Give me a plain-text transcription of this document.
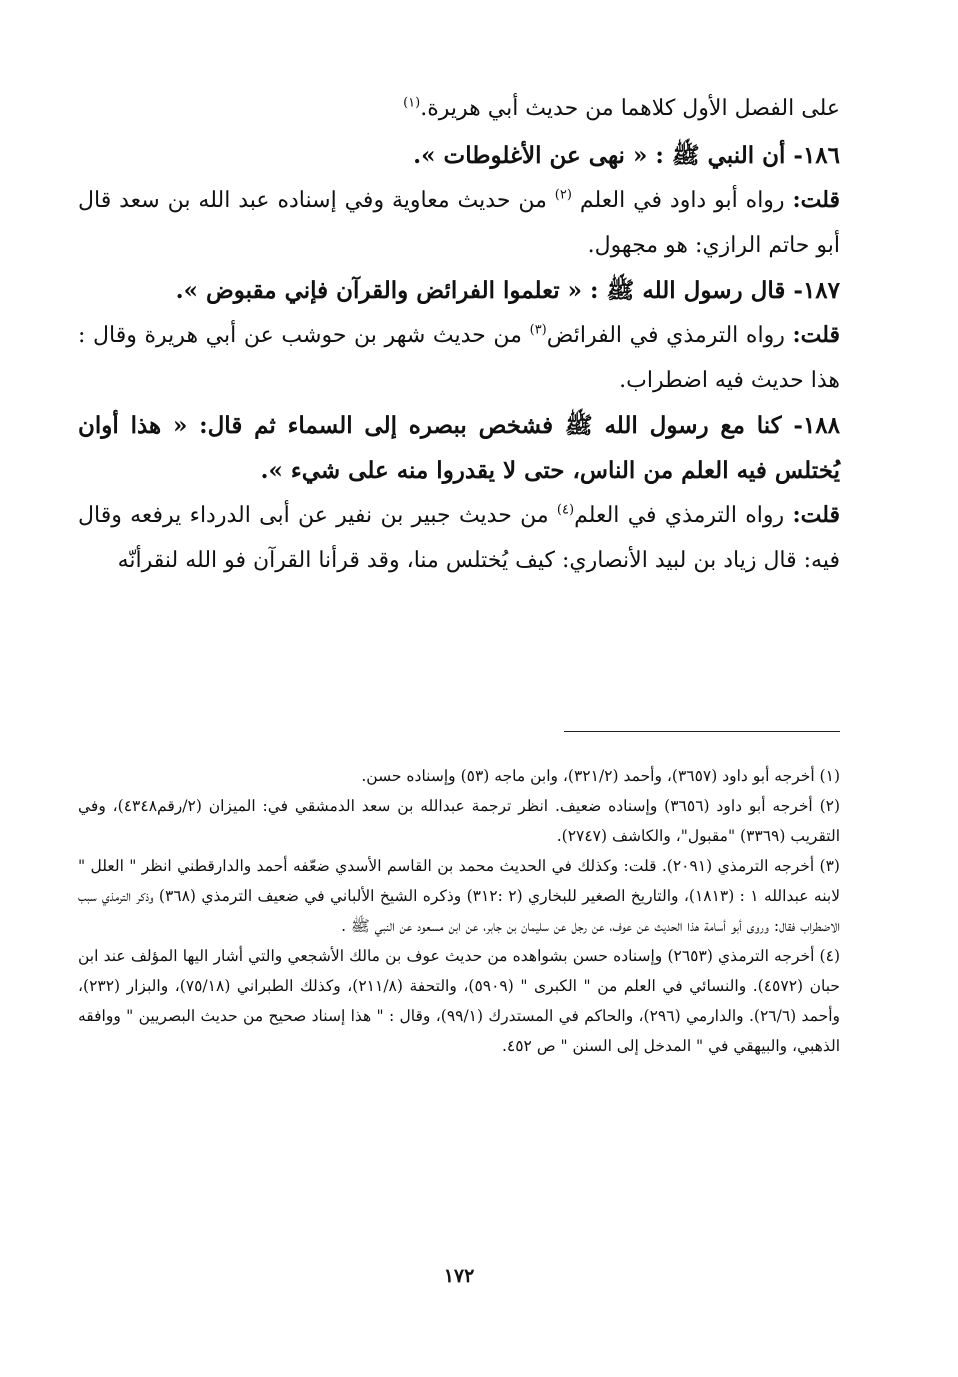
على الفصل الأول كلاهما من حديث أبي هريرة.$^{(١)}$

١٨٦- أن النبي ﷺ : « نهى عن الأغلوطات ».

قلت: رواه أبو داود في العلم $^{(٢)}$ من حديث معاوية وفي إسناده عبد الله بن سعد قال أبو حاتم الرازي: هو مجهول.

١٨٧- قال رسول الله ﷺ : « تعلموا الفرائض والقرآن فإني مقبوض ».

قلت: رواه الترمذي في الفرائض$^{(٣)}$ من حديث شهر بن حوشب عن أبي هريرة وقال : هذا حديث فيه اضطراب.

١٨٨- كنا مع رسول الله ﷺ فشخص ببصره إلى السماء ثم قال: « هذا أوان يُختلس فيه العلم من الناس، حتى لا يقدروا منه على شيء ».

قلت: رواه الترمذي في العلم$^{(٤)}$ من حديث جبير بن نفير عن أبى الدرداء يرفعه وقال فيه: قال زياد بن لبيد الأنصاري: كيف يُختلس منا، وقد قرأنا القرآن فو الله لنقرأنّه

(١) أخرجه أبو داود (٣٦٥٧)، وأحمد (٣٢١/٢)، وابن ماجه (٥٣) وإسناده حسن.

(٢) أخرجه أبو داود (٣٦٥٦) وإسناده ضعيف. انظر ترجمة عبدالله بن سعد الدمشقي في: الميزان (٢/رقم٤٣٤٨)، وفي التقريب (٣٣٦٩) "مقبول"، والكاشف (٢٧٤٧).

(٣) أخرجه الترمذي (٢٠٩١). قلت: وكذلك في الحديث محمد بن القاسم الأسدي ضعّفه أحمد والدارقطني انظر " العلل " لابنه عبدالله ١ : (١٨١٣)، والتاريخ الصغير للبخاري (٢ :٣١٢) وذكره الشيخ الألباني في ضعيف الترمذي (٣٦٨) وذكر الترمذي سبب الاضطراب فقال: وروى أبو أسامة هذا الحديث عن عوف، عن رجل عن سليمان بن جابر، عن ابن مسعود عن النبي ﷺ .

(٤) أخرجه الترمذي (٢٦٥٣) وإسناده حسن بشواهده من حديث عوف بن مالك الأشجعي والتي أشار اليها المؤلف عند ابن حبان (٤٥٧٢). والنسائي في العلم من " الكبرى " (٥٩٠٩)، والتحفة (٢١١/٨)، وكذلك الطبراني (٧٥/١٨)، والبزار (٢٣٢)، وأحمد (٢٦/٦). والدارمي (٢٩٦)، والحاكم في المستدرك (٩٩/١)، وقال : " هذا إسناد صحيح من حديث البصريين " ووافقه الذهبي، والبيهقي في " المدخل إلى السنن " ص ٤٥٢.

١٧٢
